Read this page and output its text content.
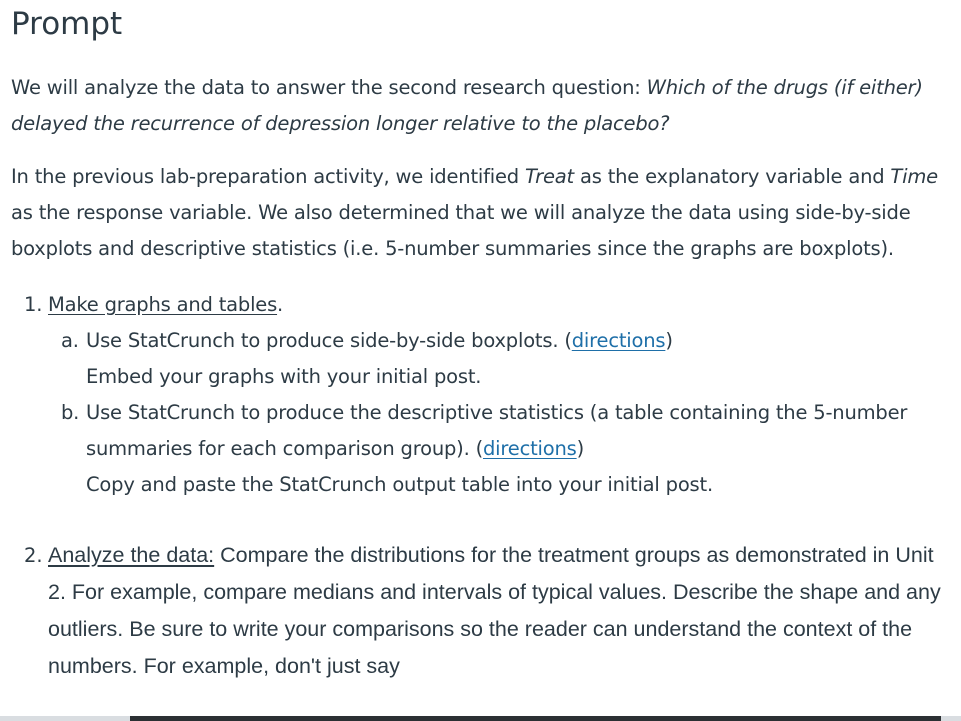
Prompt

We will analyze the data to answer the second research question: Which of the drugs (if either) delayed the recurrence of depression longer relative to the placebo?

In the previous lab-preparation activity, we identified Treat as the explanatory variable and Time as the response variable. We also determined that we will analyze the data using side-by-side boxplots and descriptive statistics (i.e. 5-number summaries since the graphs are boxplots).

1. Make graphs and tables.
a. Use StatCrunch to produce side-by-side boxplots. (directions)
Embed your graphs with your initial post.
b. Use StatCrunch to produce the descriptive statistics (a table containing the 5-number summaries for each comparison group). (directions)
Copy and paste the StatCrunch output table into your initial post.
2. Analyze the data: Compare the distributions for the treatment groups as demonstrated in Unit 2. For example, compare medians and intervals of typical values. Describe the shape and any outliers. Be sure to write your comparisons so the reader can understand the context of the numbers. For example, don't just say
